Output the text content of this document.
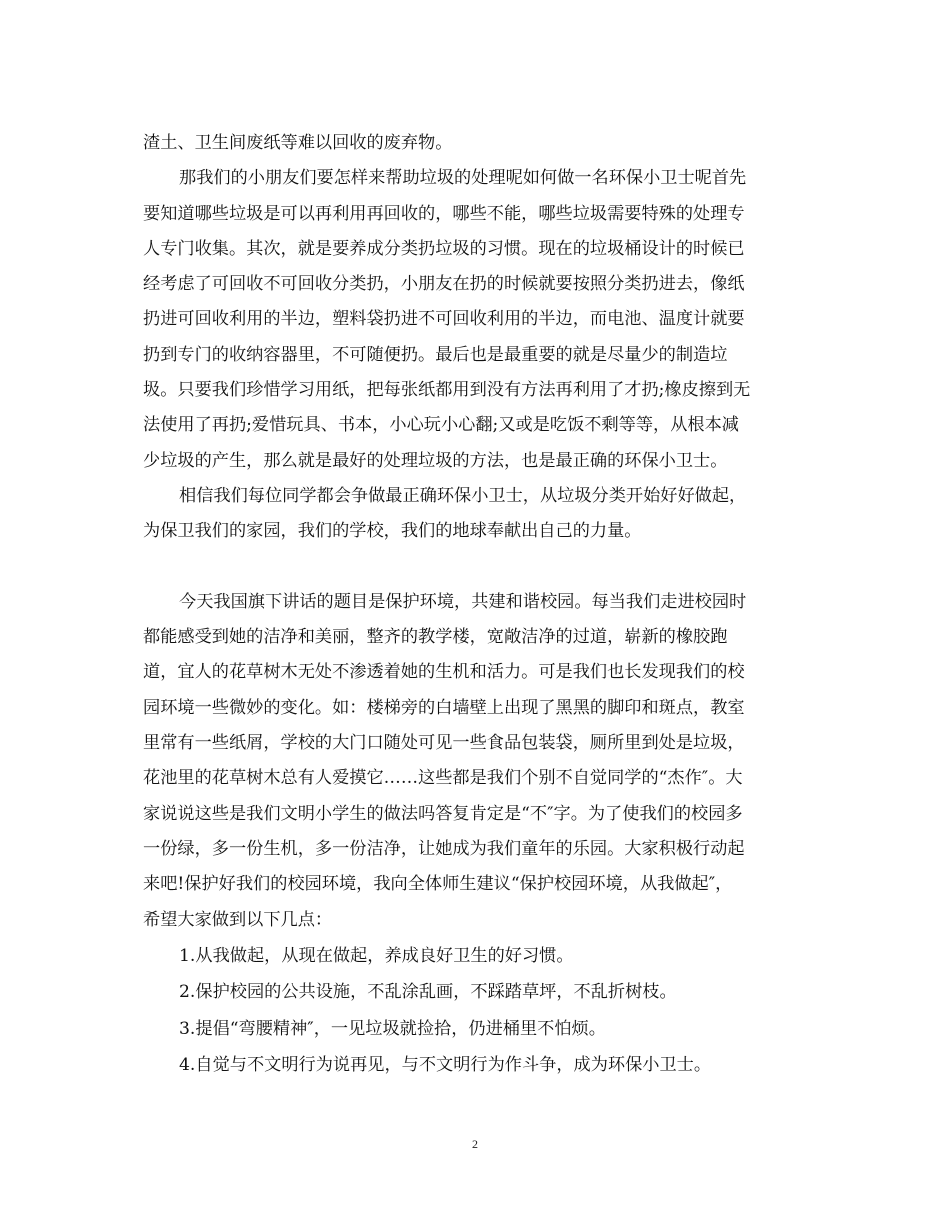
渣土、卫生间废纸等难以回收的废弃物。
那我们的小朋友们要怎样来帮助垃圾的处理呢如何做一名环保小卫士呢首先
要知道哪些垃圾是可以再利用再回收的，哪些不能，哪些垃圾需要特殊的处理专
人专门收集。其次，就是要养成分类扔垃圾的习惯。现在的垃圾桶设计的时候已
经考虑了可回收不可回收分类扔，小朋友在扔的时候就要按照分类扔进去，像纸
扔进可回收利用的半边，塑料袋扔进不可回收利用的半边，而电池、温度计就要
扔到专门的收纳容器里，不可随便扔。最后也是最重要的就是尽量少的制造垃
圾。只要我们珍惜学习用纸，把每张纸都用到没有方法再利用了才扔;橡皮擦到无
法使用了再扔;爱惜玩具、书本，小心玩小心翻;又或是吃饭不剩等等，从根本减
少垃圾的产生，那么就是最好的处理垃圾的方法，也是最正确的环保小卫士。
相信我们每位同学都会争做最正确环保小卫士，从垃圾分类开始好好做起，
为保卫我们的家园，我们的学校，我们的地球奉献出自己的力量。

今天我国旗下讲话的题目是保护环境，共建和谐校园。每当我们走进校园时
都能感受到她的洁净和美丽，整齐的教学楼，宽敞洁净的过道，崭新的橡胶跑
道，宜人的花草树木无处不渗透着她的生机和活力。可是我们也长发现我们的校
园环境一些微妙的变化。如：楼梯旁的白墙壁上出现了黑黑的脚印和斑点，教室
里常有一些纸屑，学校的大门口随处可见一些食品包装袋，厕所里到处是垃圾，
花池里的花草树木总有人爱摸它……这些都是我们个别不自觉同学的“杰作″。大
家说说这些是我们文明小学生的做法吗答复肯定是“不″字。为了使我们的校园多
一份绿，多一份生机，多一份洁净，让她成为我们童年的乐园。大家积极行动起
来吧!保护好我们的校园环境，我向全体师生建议“保护校园环境，从我做起″，
希望大家做到以下几点：
1.从我做起，从现在做起，养成良好卫生的好习惯。
2.保护校园的公共设施，不乱涂乱画，不踩踏草坪，不乱折树枝。
3.提倡“弯腰精神″，一见垃圾就捡拾，仍进桶里不怕烦。
4.自觉与不文明行为说再见，与不文明行为作斗争，成为环保小卫士。
2
